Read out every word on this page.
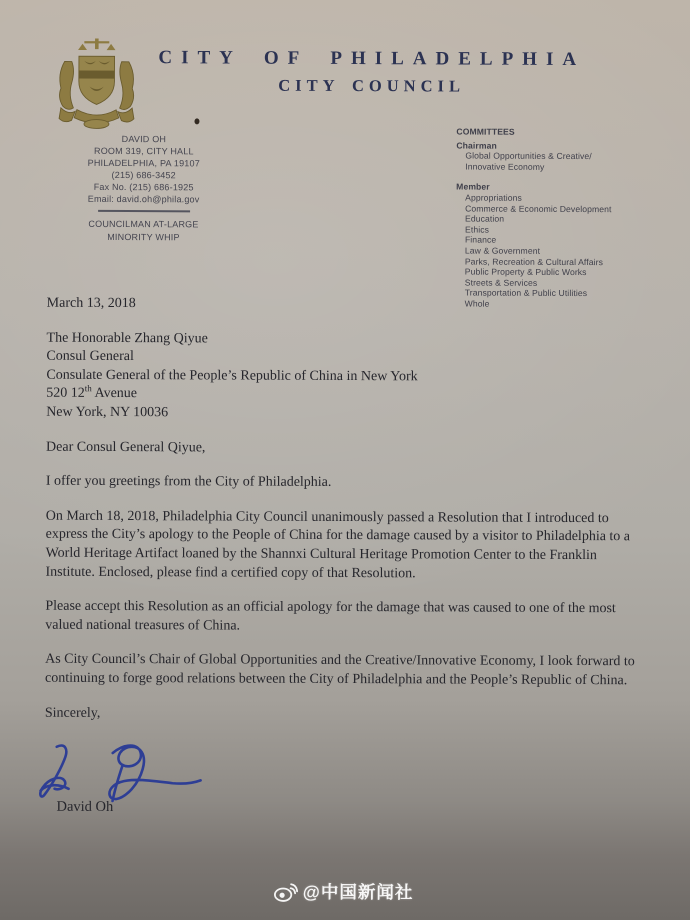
CITY OF PHILADELPHIA
CITY COUNCIL
DAVID OH
ROOM 319, CITY HALL
PHILADELPHIA, PA 19107
(215) 686-3452
Fax No. (215) 686-1925
Email: david.oh@phila.gov
COUNCILMAN AT-LARGE
MINORITY WHIP
COMMITTEES
Chairman
Global Opportunities & Creative/
Innovative Economy
Member
Appropriations
Commerce & Economic Development
Education
Ethics
Finance
Law & Government
Parks, Recreation & Cultural Affairs
Public Property & Public Works
Streets & Services
Transportation & Public Utilities
Whole

March 13, 2018

The Honorable Zhang Qiyue
Consul General
Consulate General of the People’s Republic of China in New York
520 12th Avenue
New York, NY 10036

Dear Consul General Qiyue,

I offer you greetings from the City of Philadelphia.

On March 18, 2018, Philadelphia City Council unanimously passed a Resolution that I introduced to express the City’s apology to the People of China for the damage caused by a visitor to Philadelphia to a World Heritage Artifact loaned by the Shannxi Cultural Heritage Promotion Center to the Franklin Institute. Enclosed, please find a certified copy of that Resolution.

Please accept this Resolution as an official apology for the damage that was caused to one of the most valued national treasures of China.

As City Council’s Chair of Global Opportunities and the Creative/Innovative Economy, I look forward to continuing to forge good relations between the City of Philadelphia and the People’s Republic of China.

Sincerely,

David Oh
@中国新闻社
